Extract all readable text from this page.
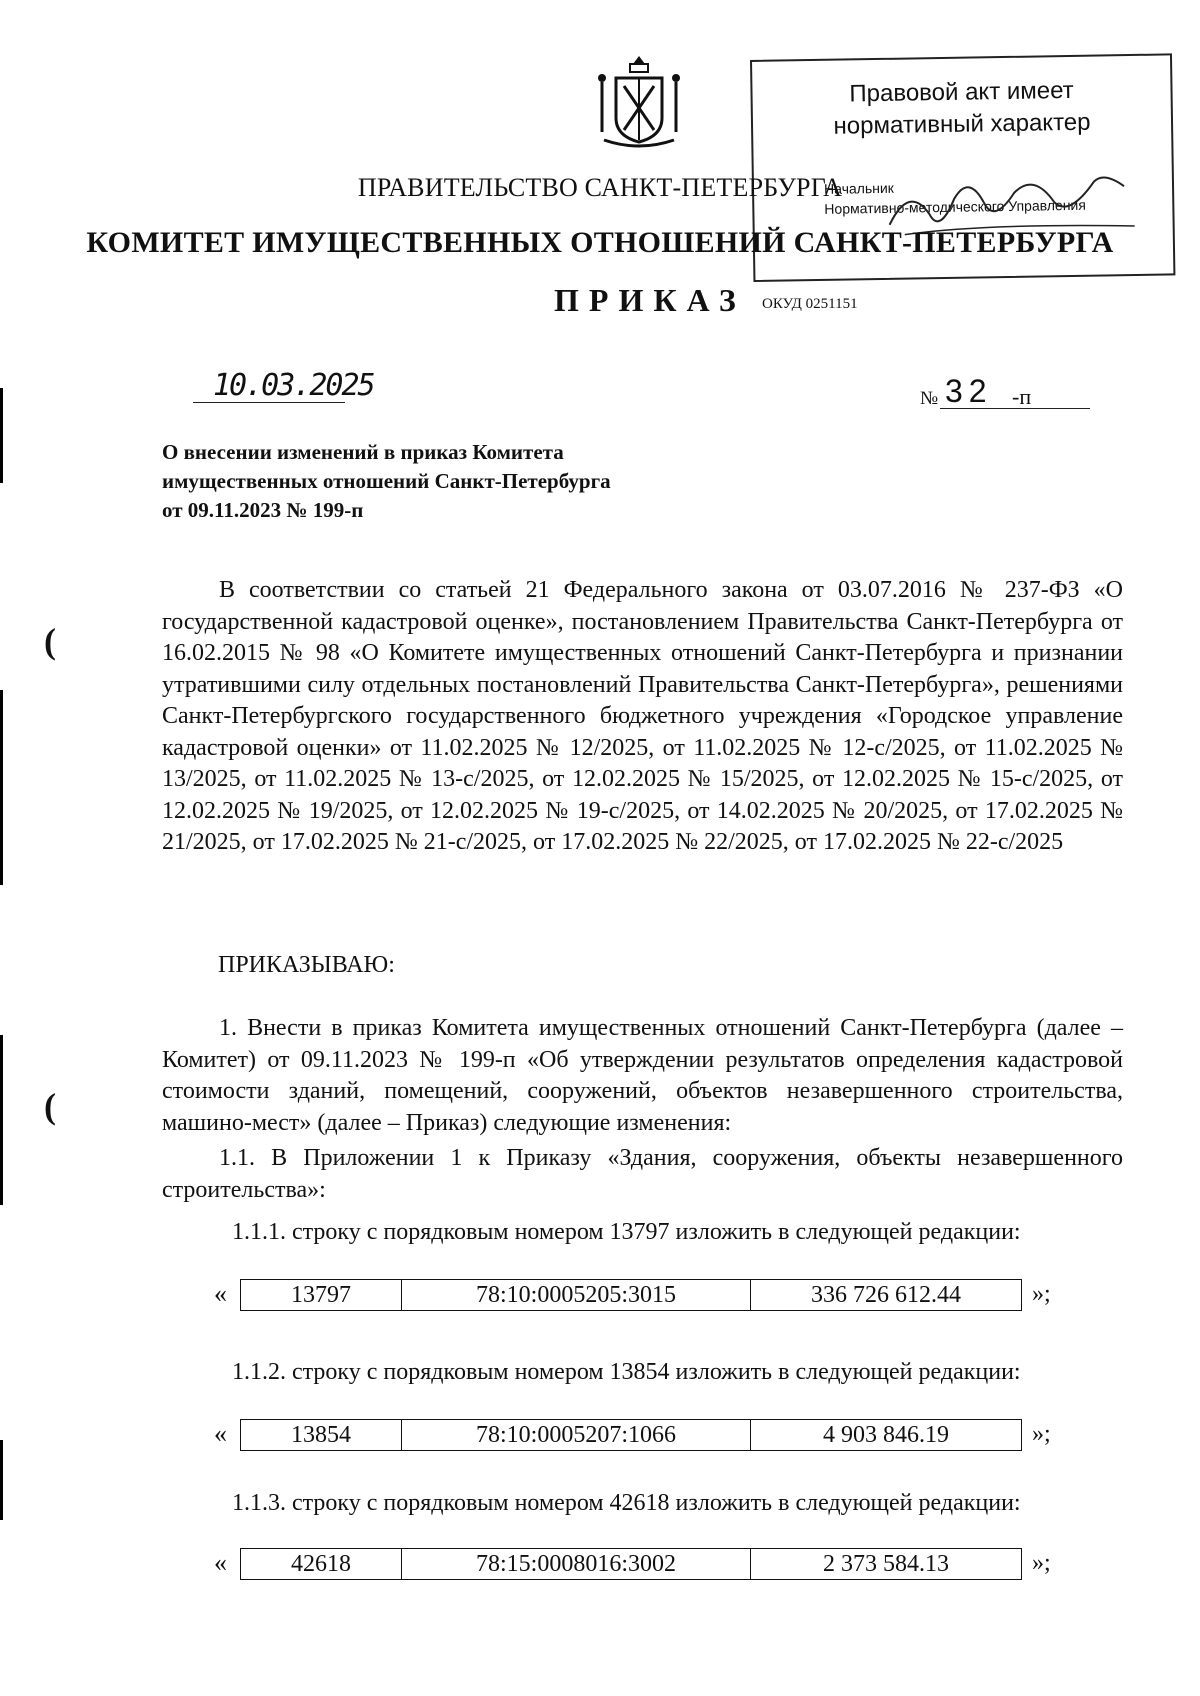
(
(
Правовой акт имеет
нормативный характер
Начальник
Нормативно-методического Управления
ПРАВИТЕЛЬСТВО САНКТ-ПЕТЕРБУРГА
КОМИТЕТ ИМУЩЕСТВЕННЫХ ОТНОШЕНИЙ САНКТ-ПЕТЕРБУРГА
ПРИКАЗ ОКУД 0251151
10.03.2025	№ 32 -п
О внесении изменений в приказ Комитета
имущественных отношений Санкт-Петербурга
от 09.11.2023 № 199-п
В соответствии со статьей 21 Федерального закона от 03.07.2016 № 237-ФЗ «О государственной кадастровой оценке», постановлением Правительства Санкт-Петербурга от 16.02.2015 № 98 «О Комитете имущественных отношений Санкт-Петербурга и признании утратившими силу отдельных постановлений Правительства Санкт-Петербурга», решениями Санкт-Петербургского государственного бюджетного учреждения «Городское управление кадастровой оценки» от 11.02.2025 № 12/2025, от 11.02.2025 № 12-с/2025, от 11.02.2025 № 13/2025, от 11.02.2025 № 13-с/2025, от 12.02.2025 № 15/2025, от 12.02.2025 № 15-с/2025, от 12.02.2025 № 19/2025, от 12.02.2025 № 19-с/2025, от 14.02.2025 № 20/2025, от 17.02.2025 № 21/2025, от 17.02.2025 № 21-с/2025, от 17.02.2025 № 22/2025, от 17.02.2025 № 22-с/2025
ПРИКАЗЫВАЮ:

1. Внести в приказ Комитета имущественных отношений Санкт-Петербурга (далее – Комитет) от 09.11.2023 № 199-п «Об утверждении результатов определения кадастровой стоимости зданий, помещений, сооружений, объектов незавершенного строительства, машино-мест» (далее – Приказ) следующие изменения:

1.1. В Приложении 1 к Приказу «Здания, сооружения, объекты незавершенного строительства»:

1.1.1. строку с порядковым номером 13797 изложить в следующей редакции:
«	13797	78:10:0005205:3015	336 726 612.44	»;
1.1.2. строку с порядковым номером 13854 изложить в следующей редакции:
«	13854	78:10:0005207:1066	4 903 846.19	»;
1.1.3. строку с порядковым номером 42618 изложить в следующей редакции:
«	42618	78:15:0008016:3002	2 373 584.13	»;
